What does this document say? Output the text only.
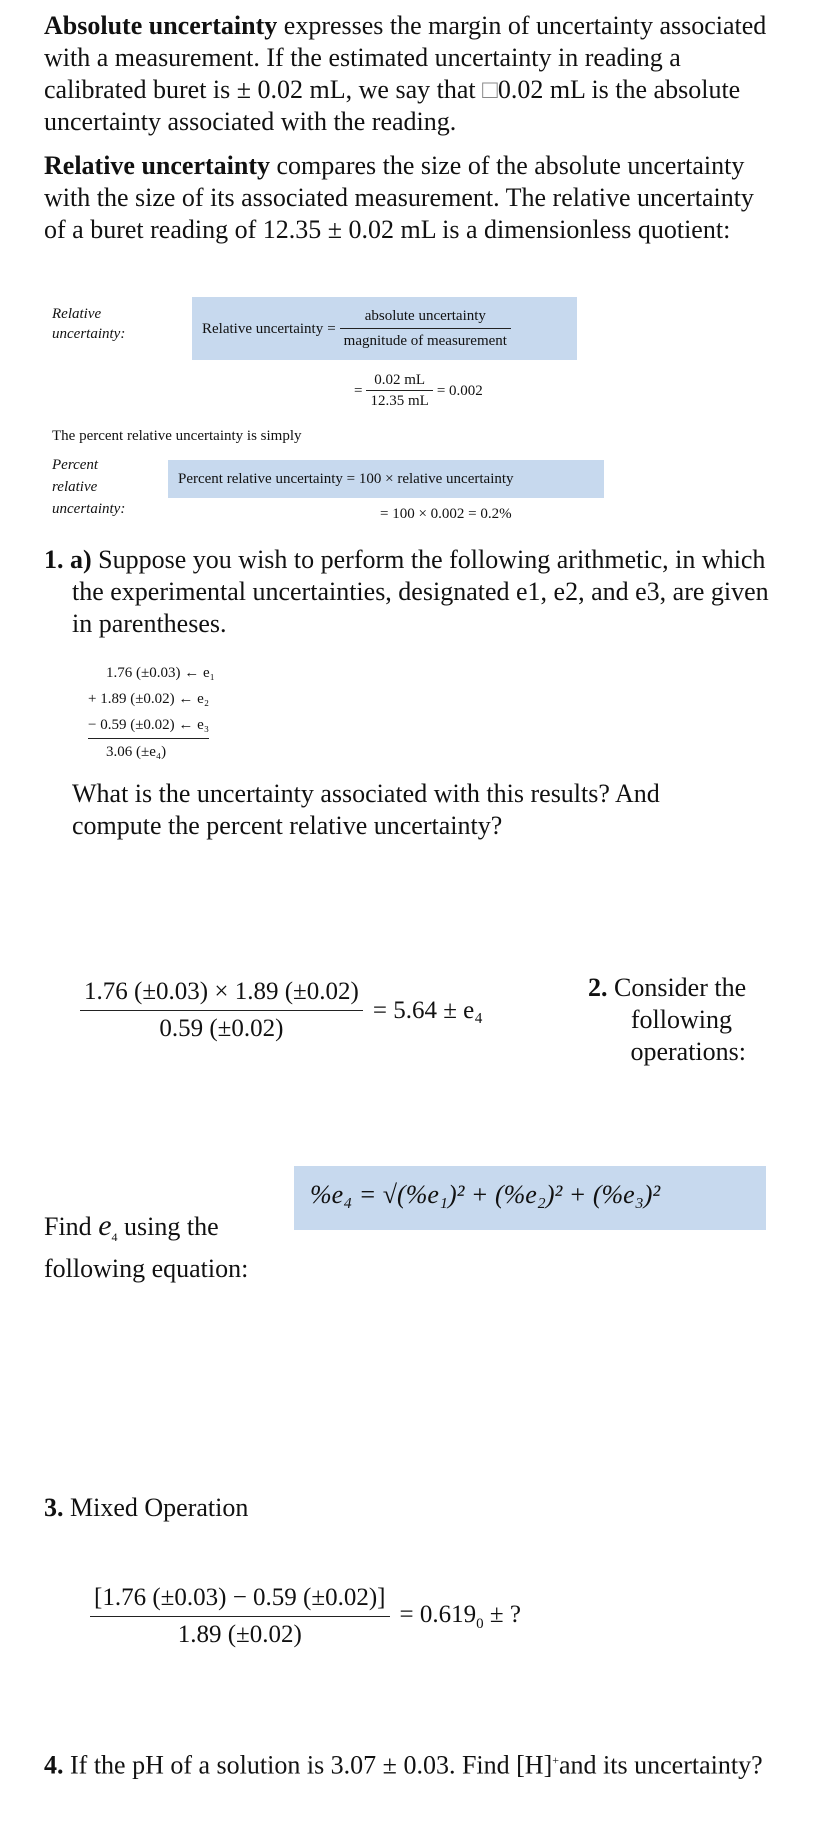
Absolute uncertainty expresses the margin of uncertainty associated with a measurement. If the estimated uncertainty in reading a calibrated buret is ± 0.02 mL, we say that □0.02 mL is the absolute uncertainty associated with the reading.
Relative uncertainty compares the size of the absolute uncertainty with the size of its associated measurement. The relative uncertainty of a buret reading of 12.35 ± 0.02 mL is a dimensionless quotient:
Relative
uncertainty:	Relative uncertainty = $\frac{\text{absolute uncertainty}}{\text{magnitude of measurement}}$
= $\frac{0.02 mL}{12.35 mL} = 0.002$
The percent relative uncertainty is simply
Percent
relative
uncertainty:
Percent relative uncertainty = 100 × relative uncertainty
= 100 × 0.002 = 0.2%
1. a) Suppose you wish to perform the following arithmetic, in which the experimental uncertainties, designated e1, e2, and e3, are given in parentheses.
1.76 (±0.03) ← e₁
+ 1.89 (±0.02) ← e₂
− 0.59 (±0.02) ← e₃
3.06 (±e₄)
What is the uncertainty associated with this results? And compute the percent relative uncertainty?
$\frac{1.76 (\pm 0.03) \times 1.89 (\pm 0.02)}{0.59 (\pm 0.02)} = 5.64 \pm e_4$
2. Consider the
following
operations:
%e₄ = √(%e₁)² + (%e₂)² + (%e₃)²
Find $e_4$ using the
following equation:
3. Mixed Operation
$\frac{[1.76 (\pm 0.03) - 0.59 (\pm 0.02)]}{1.89 (\pm 0.02)} = 0.619_0$ ± ?
4. If the pH of a solution is 3.07 ± 0.03. Find [H]+and its uncertainty?
